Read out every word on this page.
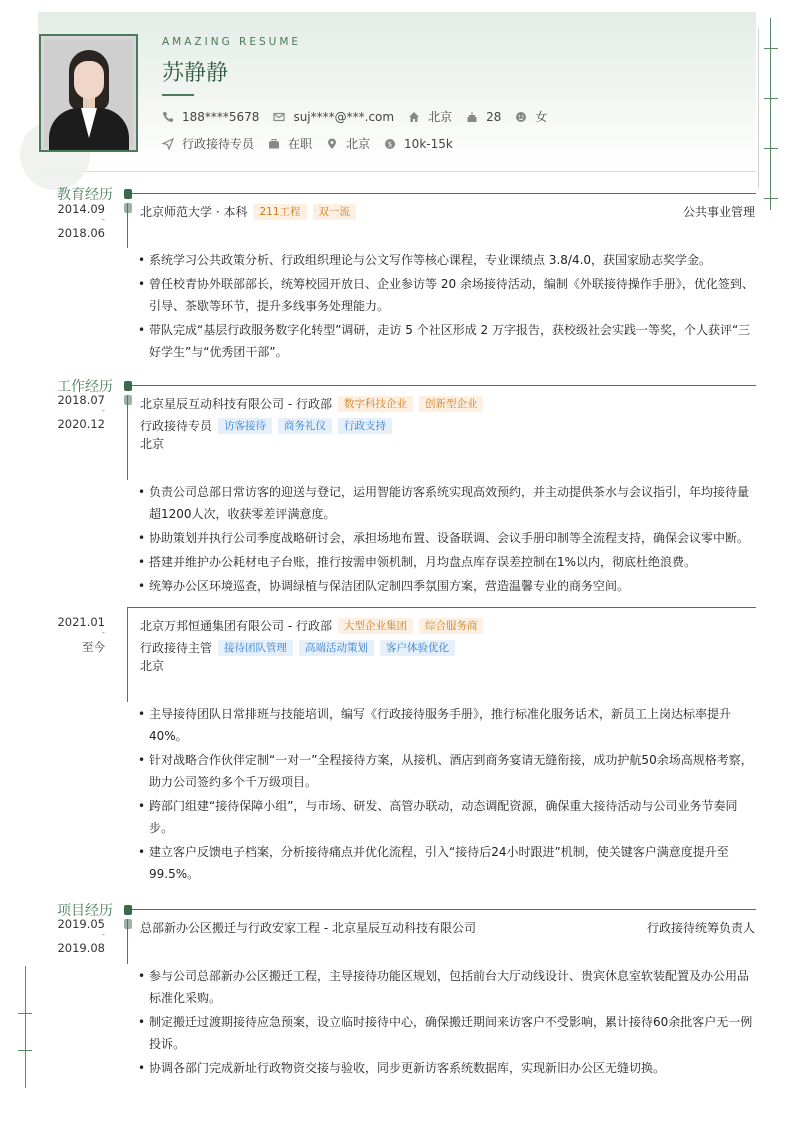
AMAZING RESUME
苏静静
188****5678	suj****@***.com	北京	28	女
行政接待专员	在职	北京	$ 10k-15k
教育经历
2014.09
-
2018.06
北京师范大学 · 本科	211工程	双一流	公共事业管理
• 系统学习公共政策分析、行政组织理论与公文写作等核心课程，专业课绩点 3.8/4.0，获国家励志奖学金。
• 曾任校青协外联部部长，统筹校园开放日、企业参访等 20 余场接待活动，编制《外联接待操作手册》，优化签到、引导、茶歇等环节，提升多线事务处理能力。
• 带队完成“基层行政服务数字化转型”调研，走访 5 个社区形成 2 万字报告，获校级社会实践一等奖，个人获评“三好学生”与“优秀团干部”。
工作经历
2018.07
-
2020.12
北京星辰互动科技有限公司 - 行政部	数字科技企业	创新型企业
行政接待专员	访客接待	商务礼仪	行政支持
北京
• 负责公司总部日常访客的迎送与登记，运用智能访客系统实现高效预约，并主动提供茶水与会议指引，年均接待量超1200人次，收获零差评满意度。
• 协助策划并执行公司季度战略研讨会，承担场地布置、设备联调、会议手册印制等全流程支持，确保会议零中断。
• 搭建并维护办公耗材电子台账，推行按需申领机制，月均盘点库存误差控制在1%以内，彻底杜绝浪费。
• 统筹办公区环境巡查，协调绿植与保洁团队定制四季氛围方案，营造温馨专业的商务空间。
2021.01
-
至今
北京万邦恒通集团有限公司 - 行政部	大型企业集团	综合服务商
行政接待主管	接待团队管理	高端活动策划	客户体验优化
北京
• 主导接待团队日常排班与技能培训，编写《行政接待服务手册》，推行标准化服务话术，新员工上岗达标率提升40%。
• 针对战略合作伙伴定制“一对一”全程接待方案，从接机、酒店到商务宴请无缝衔接，成功护航50余场高规格考察，助力公司签约多个千万级项目。
• 跨部门组建“接待保障小组”，与市场、研发、高管办联动，动态调配资源，确保重大接待活动与公司业务节奏同步。
• 建立客户反馈电子档案，分析接待痛点并优化流程，引入“接待后24小时跟进”机制，使关键客户满意度提升至99.5%。
项目经历
2019.05
-
2019.08
总部新办公区搬迁与行政安家工程 - 北京星辰互动科技有限公司	行政接待统筹负责人
• 参与公司总部新办公区搬迁工程，主导接待功能区规划，包括前台大厅动线设计、贵宾休息室软装配置及办公用品标准化采购。
• 制定搬迁过渡期接待应急预案，设立临时接待中心，确保搬迁期间来访客户不受影响，累计接待60余批客户无一例投诉。
• 协调各部门完成新址行政物资交接与验收，同步更新访客系统数据库，实现新旧办公区无缝切换。
